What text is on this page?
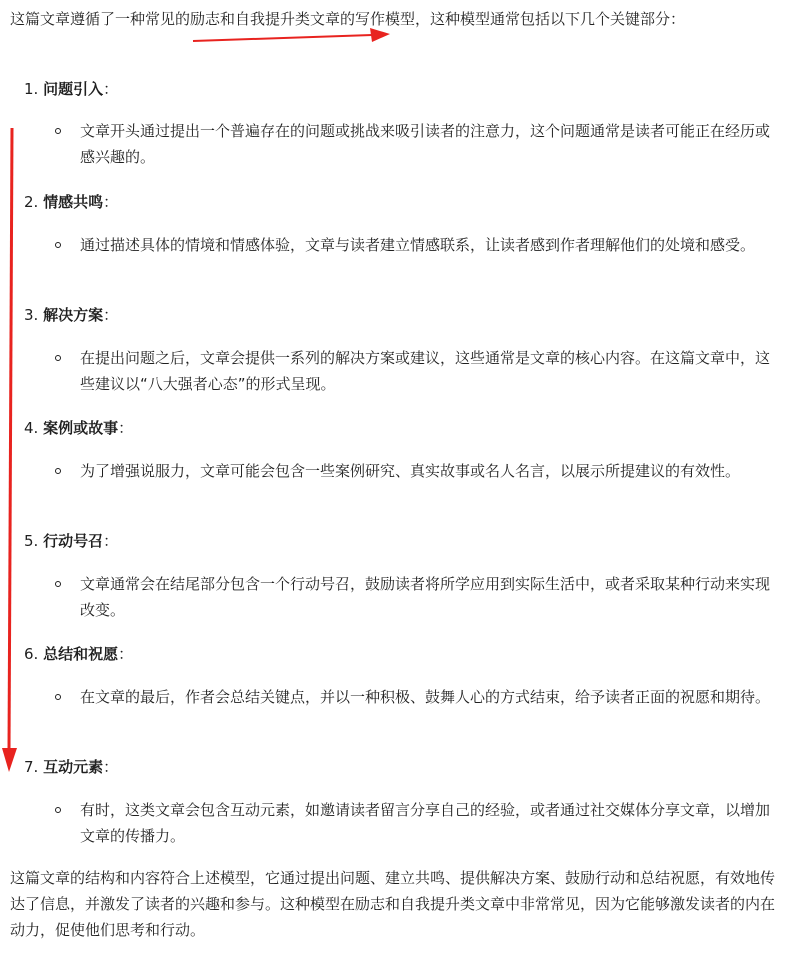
这篇文章遵循了一种常见的励志和自我提升类文章的写作模型，这种模型通常包括以下几个关键部分：

1. 问题引入：

文章开头通过提出一个普遍存在的问题或挑战来吸引读者的注意力，这个问题通常是读者可能正在经历或感兴趣的。

2. 情感共鸣：

通过描述具体的情境和情感体验，文章与读者建立情感联系，让读者感到作者理解他们的处境和感受。

3. 解决方案：

在提出问题之后，文章会提供一系列的解决方案或建议，这些通常是文章的核心内容。在这篇文章中，这些建议以“八大强者心态”的形式呈现。

4. 案例或故事：

为了增强说服力，文章可能会包含一些案例研究、真实故事或名人名言，以展示所提建议的有效性。

5. 行动号召：

文章通常会在结尾部分包含一个行动号召，鼓励读者将所学应用到实际生活中，或者采取某种行动来实现改变。

6. 总结和祝愿：

在文章的最后，作者会总结关键点，并以一种积极、鼓舞人心的方式结束，给予读者正面的祝愿和期待。

7. 互动元素：

有时，这类文章会包含互动元素，如邀请读者留言分享自己的经验，或者通过社交媒体分享文章，以增加文章的传播力。

这篇文章的结构和内容符合上述模型，它通过提出问题、建立共鸣、提供解决方案、鼓励行动和总结祝愿，有效地传达了信息，并激发了读者的兴趣和参与。这种模型在励志和自我提升类文章中非常常见，因为它能够激发读者的内在动力，促使他们思考和行动。
